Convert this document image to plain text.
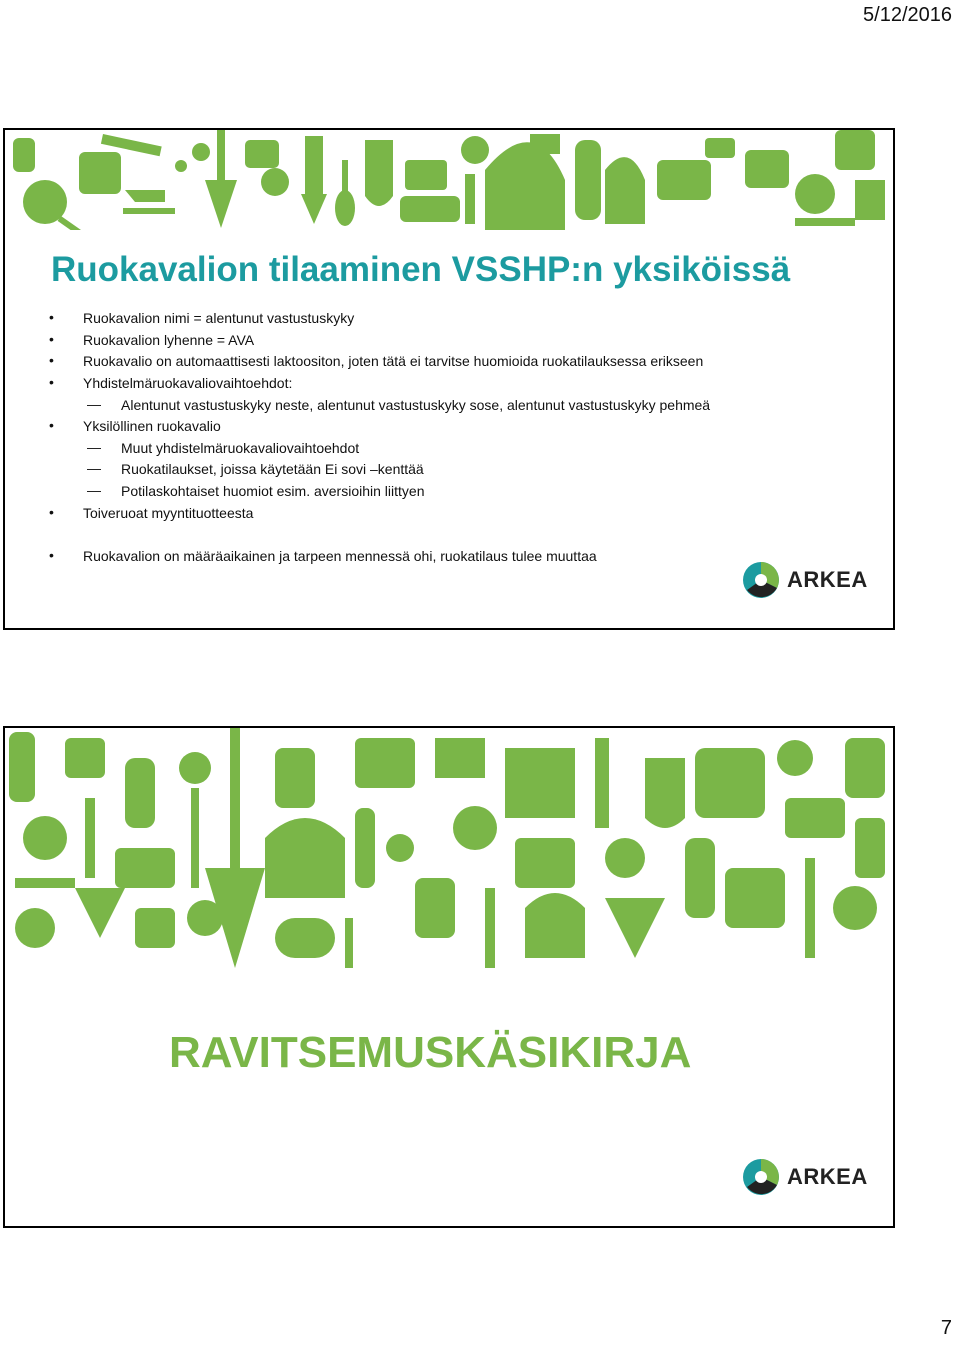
5/12/2016
Ruokavalion tilaaminen VSSHP:n yksiköissä
• Ruokavalion nimi = alentunut vastustuskyky
• Ruokavalion lyhenne = AVA
• Ruokavalio on automaattisesti laktoositon, joten tätä ei tarvitse huomioida ruokatilauksessa erikseen
• Yhdistelmäruokavaliovaihtoehdot:
— Alentunut vastustuskyky neste, alentunut vastustuskyky sose, alentunut vastustuskyky pehmeä
• Yksilöllinen ruokavalio
— Muut yhdistelmäruokavaliovaihtoehdot
— Ruokatilaukset, joissa käytetään Ei sovi –kenttää
— Potilaskohtaiset huomiot esim. aversioihin liittyen
• Toiveruoat myyntituotteesta
• Ruokavalion on määräaikainen ja tarpeen mennessä ohi, ruokatilaus tulee muuttaa
ARKEA
RAVITSEMUSKÄSIKIRJA
ARKEA
7
